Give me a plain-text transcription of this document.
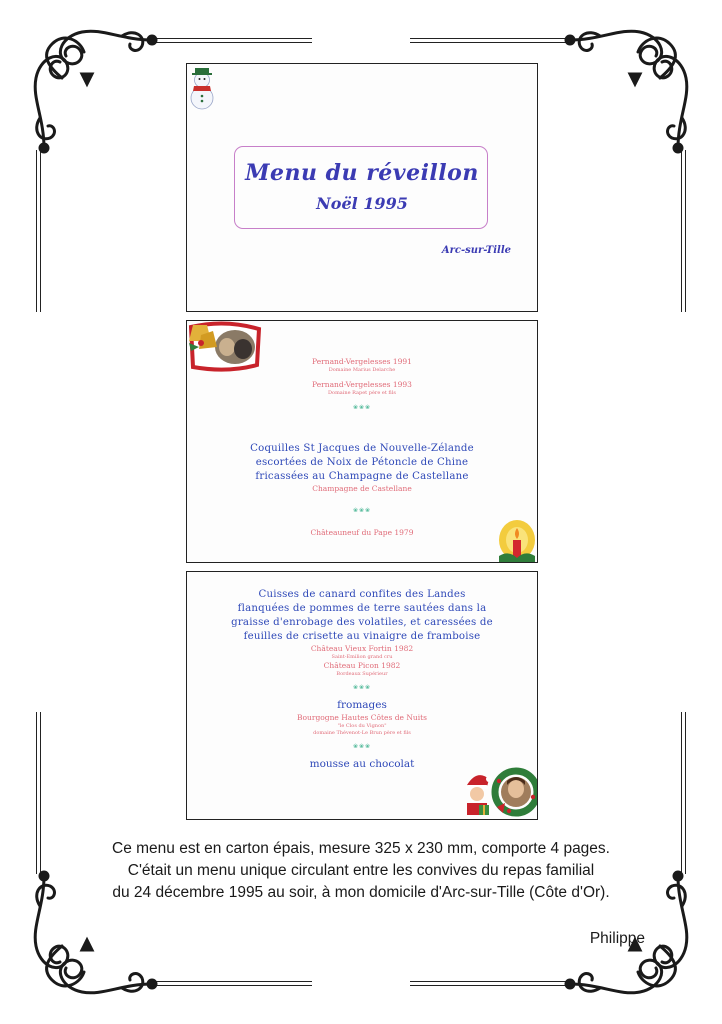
Menu du réveillon
Noël 1995
Arc-sur-Tille
Pernand-Vergelesses 1991
Domaine Marius Delarche
Pernand-Vergelesses 1993
Domaine Rapet père et fils
❀❀❀
Coquilles St Jacques de Nouvelle-Zélande
escortées de Noix de Pétoncle de Chine
fricassées au Champagne de Castellane
Champagne de Castellane
❀❀❀
Châteauneuf du Pape 1979
Cuisses de canard confites des Landes
flanquées de pommes de terre sautées dans la
graisse d'enrobage des volatiles, et caressées de
feuilles de crisette au vinaigre de framboise
Château Vieux Fortin 1982
Saint-Emilion grand cru
Château Picon 1982
Bordeaux Supérieur
❀❀❀
fromages
Bourgogne Hautes Côtes de Nuits
"le Clos du Vignon"
domaine Thévenot-Le Brun père et fils
❀❀❀
mousse au chocolat
Ce menu est en carton épais, mesure 325 x 230 mm, comporte 4 pages.
C'était un menu unique circulant entre les convives du repas familial
du 24 décembre 1995 au soir, à mon domicile d'Arc-sur-Tille (Côte d'Or).
Philippe
